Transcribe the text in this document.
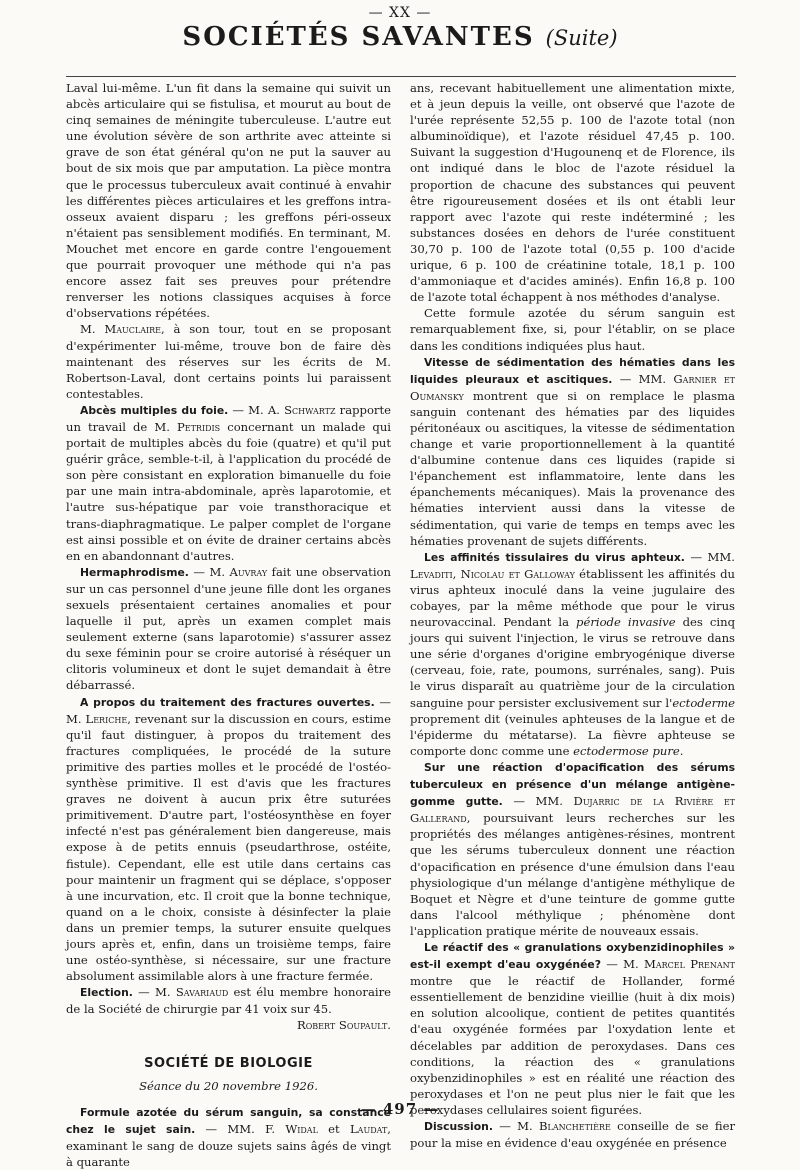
— XX —
SOCIÉTÉS SAVANTES (Suite)

Laval lui-même. L'un fit dans la semaine qui suivit un abcès articulaire qui se fistulisa, et mourut au bout de cinq semaines de méningite tuberculeuse. L'autre eut une évolution sévère de son arthrite avec atteinte si grave de son état général qu'on ne put la sauver au bout de six mois que par amputation. La pièce montra que le processus tuberculeux avait continué à envahir les différentes pièces articulaires et les greffons intra-osseux avaient disparu ; les greffons péri-osseux n'étaient pas sensiblement modifiés. En terminant, M. Mouchet met encore en garde contre l'engouement que pourrait provoquer une méthode qui n'a pas encore assez fait ses preuves pour prétendre renverser les notions classiques acquises à force d'observations répétées.

M. Mauclaire, à son tour, tout en se proposant d'expérimenter lui-même, trouve bon de faire dès maintenant des réserves sur les écrits de M. Robertson-Laval, dont certains points lui paraissent contestables.

Abcès multiples du foie. — M. A. Schwartz rapporte un travail de M. Petridis concernant un malade qui portait de multiples abcès du foie (quatre) et qu'il put guérir grâce, semble-t-il, à l'application du procédé de son père consistant en exploration bimanuelle du foie par une main intra-abdominale, après laparotomie, et l'autre sus-hépatique par voie transthoracique et trans-diaphragmatique. Le palper complet de l'organe est ainsi possible et on évite de drainer certains abcès en en abandonnant d'autres.

Hermaphrodisme. — M. Auvray fait une observation sur un cas personnel d'une jeune fille dont les organes sexuels présentaient certaines anomalies et pour laquelle il put, après un examen complet mais seulement externe (sans laparotomie) s'assurer assez du sexe féminin pour se croire autorisé à réséquer un clitoris volumineux et dont le sujet demandait à être débarrassé.

A propos du traitement des fractures ouvertes. — M. Leriche, revenant sur la discussion en cours, estime qu'il faut distinguer, à propos du traitement des fractures compliquées, le procédé de la suture primitive des parties molles et le procédé de l'ostéo-synthèse primitive. Il est d'avis que les fractures graves ne doivent à aucun prix être suturées primitivement. D'autre part, l'ostéosynthèse en foyer infecté n'est pas généralement bien dangereuse, mais expose à de petits ennuis (pseudarthrose, ostéite, fistule). Cependant, elle est utile dans certains cas pour maintenir un fragment qui se déplace, s'opposer à une incurvation, etc. Il croit que la bonne technique, quand on a le choix, consiste à désinfecter la plaie dans un premier temps, la suturer ensuite quelques jours après et, enfin, dans un troisième temps, faire une ostéo-synthèse, si nécessaire, sur une fracture absolument assimilable alors à une fracture fermée.

Election. — M. Savariaud est élu membre honoraire de la Société de chirurgie par 41 voix sur 45.

Robert Soupault.

SOCIÉTÉ DE BIOLOGIE
Séance du 20 novembre 1926.

Formule azotée du sérum sanguin, sa constance chez le sujet sain. — MM. F. Widal et Laudat, examinant le sang de douze sujets sains âgés de vingt à quarante

ans, recevant habituellement une alimentation mixte, et à jeun depuis la veille, ont observé que l'azote de l'urée représente 52,55 p. 100 de l'azote total (non albuminoïdique), et l'azote résiduel 47,45 p. 100. Suivant la suggestion d'Hugounenq et de Florence, ils ont indiqué dans le bloc de l'azote résiduel la proportion de chacune des substances qui peuvent être rigoureusement dosées et ils ont établi leur rapport avec l'azote qui reste indéterminé ; les substances dosées en dehors de l'urée constituent 30,70 p. 100 de l'azote total (0,55 p. 100 d'acide urique, 6 p. 100 de créatinine totale, 18,1 p. 100 d'ammoniaque et d'acides aminés). Enfin 16,8 p. 100 de l'azote total échappent à nos méthodes d'analyse.

Cette formule azotée du sérum sanguin est remarquablement fixe, si, pour l'établir, on se place dans les conditions indiquées plus haut.

Vitesse de sédimentation des hématies dans les liquides pleuraux et ascitiques. — MM. Garnier et Oumansky montrent que si on remplace le plasma sanguin contenant des hématies par des liquides péritonéaux ou ascitiques, la vitesse de sédimentation change et varie proportionnellement à la quantité d'albumine contenue dans ces liquides (rapide si l'épanchement est inflammatoire, lente dans les épanchements mécaniques). Mais la provenance des hématies intervient aussi dans la vitesse de sédimentation, qui varie de temps en temps avec les hématies provenant de sujets différents.

Les affinités tissulaires du virus aphteux. — MM. Levaditi, Nicolau et Galloway établissent les affinités du virus aphteux inoculé dans la veine jugulaire des cobayes, par la même méthode que pour le virus neurovaccinal. Pendant la période invasive des cinq jours qui suivent l'injection, le virus se retrouve dans une série d'organes d'origine embryogénique diverse (cerveau, foie, rate, poumons, surrénales, sang). Puis le virus disparaît au quatrième jour de la circulation sanguine pour persister exclusivement sur l'ectoderme proprement dit (veinules aphteuses de la langue et de l'épiderme du métatarse). La fièvre aphteuse se comporte donc comme une ectodermose pure.

Sur une réaction d'opacification des sérums tuberculeux en présence d'un mélange antigène-gomme gutte. — MM. Dujarric de la Rivière et Gallerand, poursuivant leurs recherches sur les propriétés des mélanges antigènes-résines, montrent que les sérums tuberculeux donnent une réaction d'opacification en présence d'une émulsion dans l'eau physiologique d'un mélange d'antigène méthylique de Boquet et Nègre et d'une teinture de gomme gutte dans l'alcool méthylique ; phénomène dont l'application pratique mérite de nouveaux essais.

Le réactif des « granulations oxybenzidinophiles » est-il exempt d'eau oxygénée? — M. Marcel Prenant montre que le réactif de Hollander, formé essentiellement de benzidine vieillie (huit à dix mois) en solution alcoolique, contient de petites quantités d'eau oxygénée formées par l'oxydation lente et décelables par addition de peroxydases. Dans ces conditions, la réaction des « granulations oxybenzidinophiles » est en réalité une réaction des peroxydases et l'on ne peut plus nier le fait que les peroxydases cellulaires soient figurées.

Discussion. — M. Blanchetière conseille de se fier pour la mise en évidence d'eau oxygénée en présence

— 497 —
